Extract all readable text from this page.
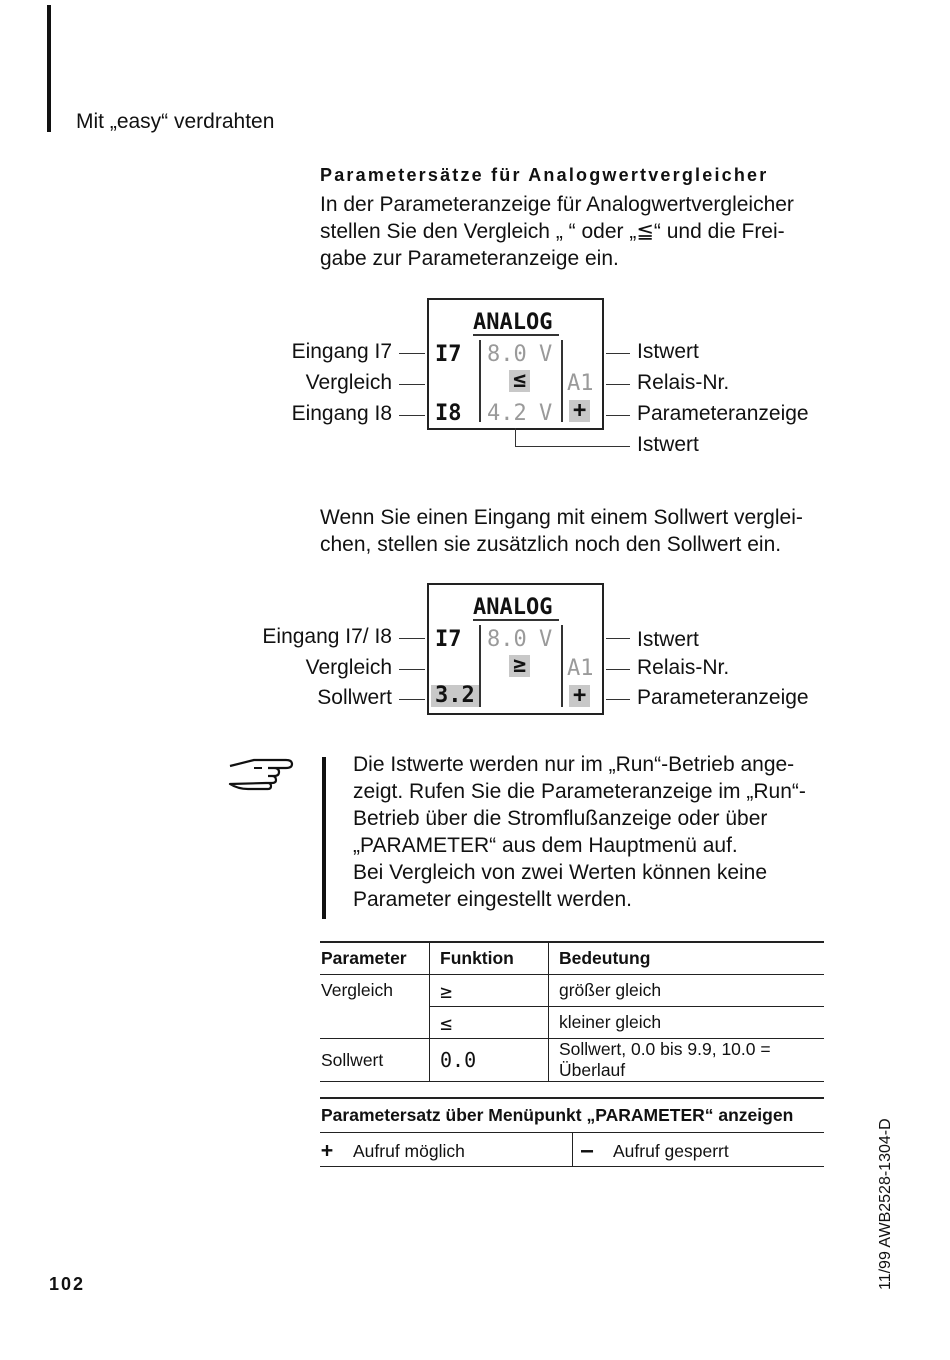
Mit „easy“ verdrahten
Parametersätze für Analogwertvergleicher
In der Parameteranzeige für Analogwertvergleicher
stellen Sie den Vergleich „ “ oder „≦“ und die Frei-
gabe zur Parameteranzeige ein.
ANALOG
I7 8.0 V
≤ A1
I8 4.2 V +
Eingang I7
Vergleich
Eingang I8
Istwert
Relais-Nr.
Parameteranzeige
Istwert
Wenn Sie einen Eingang mit einem Sollwert verglei-
chen, stellen sie zusätzlich noch den Sollwert ein.
ANALOG
I7 8.0 V
≥ A1
3.2	+
Eingang I7/ I8
Vergleich
Sollwert
Istwert
Relais-Nr.
Parameteranzeige
Die Istwerte werden nur im „Run“-Betrieb ange-
zeigt. Rufen Sie die Parameteranzeige im „Run“-
Betrieb über die Stromflußanzeige oder über
„PARAMETER“ aus dem Hauptmenü auf.
Bei Vergleich von zwei Werten können keine
Parameter eingestellt werden.
Parameter	Funktion	Bedeutung
Vergleich	≥	größer gleich
	≤	kleiner gleich
Sollwert	0.0	Sollwert, 0.0 bis 9.9, 10.0 = Überlauf
Parametersatz über Menüpunkt „PARAMETER“ anzeigen
+ Aufruf möglich	– Aufruf gesperrt
102	11/99 AWB2528-1304-D
